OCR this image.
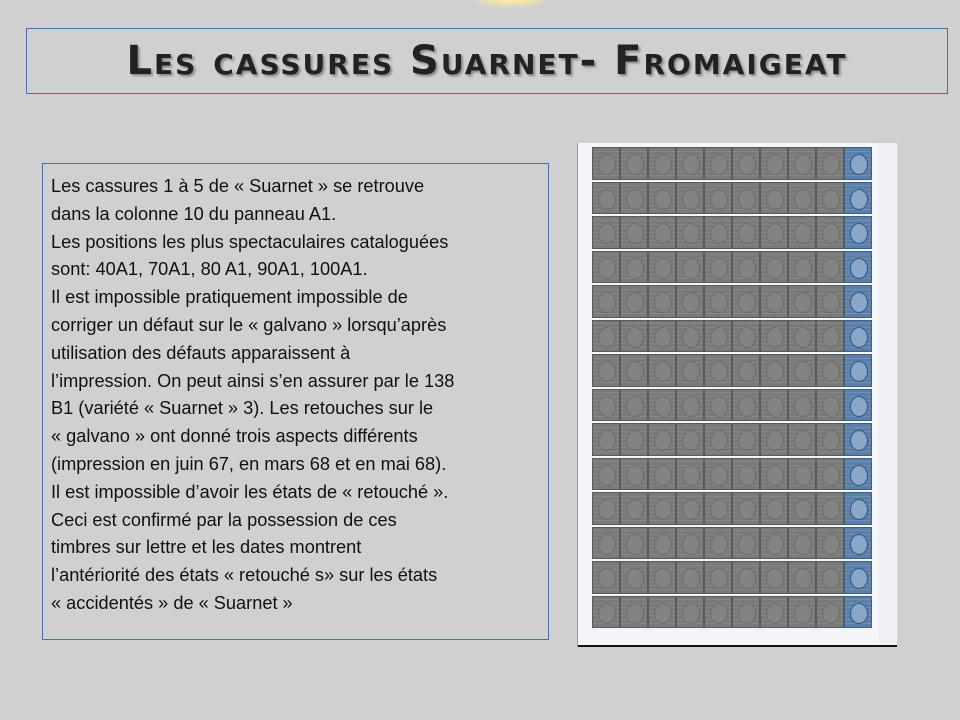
Les cassures Suarnet- Fromaigeat
Les cassures 1 à 5 de « Suarnet » se retrouve
dans la colonne 10 du panneau A1.
Les positions les plus spectaculaires cataloguées
sont: 40A1, 70A1, 80 A1, 90A1, 100A1.
Il est impossible pratiquement impossible de
corriger un défaut sur le « galvano » lorsqu’après
utilisation des défauts apparaissent à
l’impression. On peut ainsi s’en assurer par le 138
B1 (variété « Suarnet » 3). Les retouches sur le
« galvano » ont donné trois aspects différents
(impression en juin 67, en mars 68 et en mai 68).
Il est impossible d’avoir les états de « retouché ».
Ceci est confirmé par la possession de ces
timbres sur lettre et les dates montrent
l’antériorité des états « retouché s» sur les états
« accidentés » de « Suarnet »
